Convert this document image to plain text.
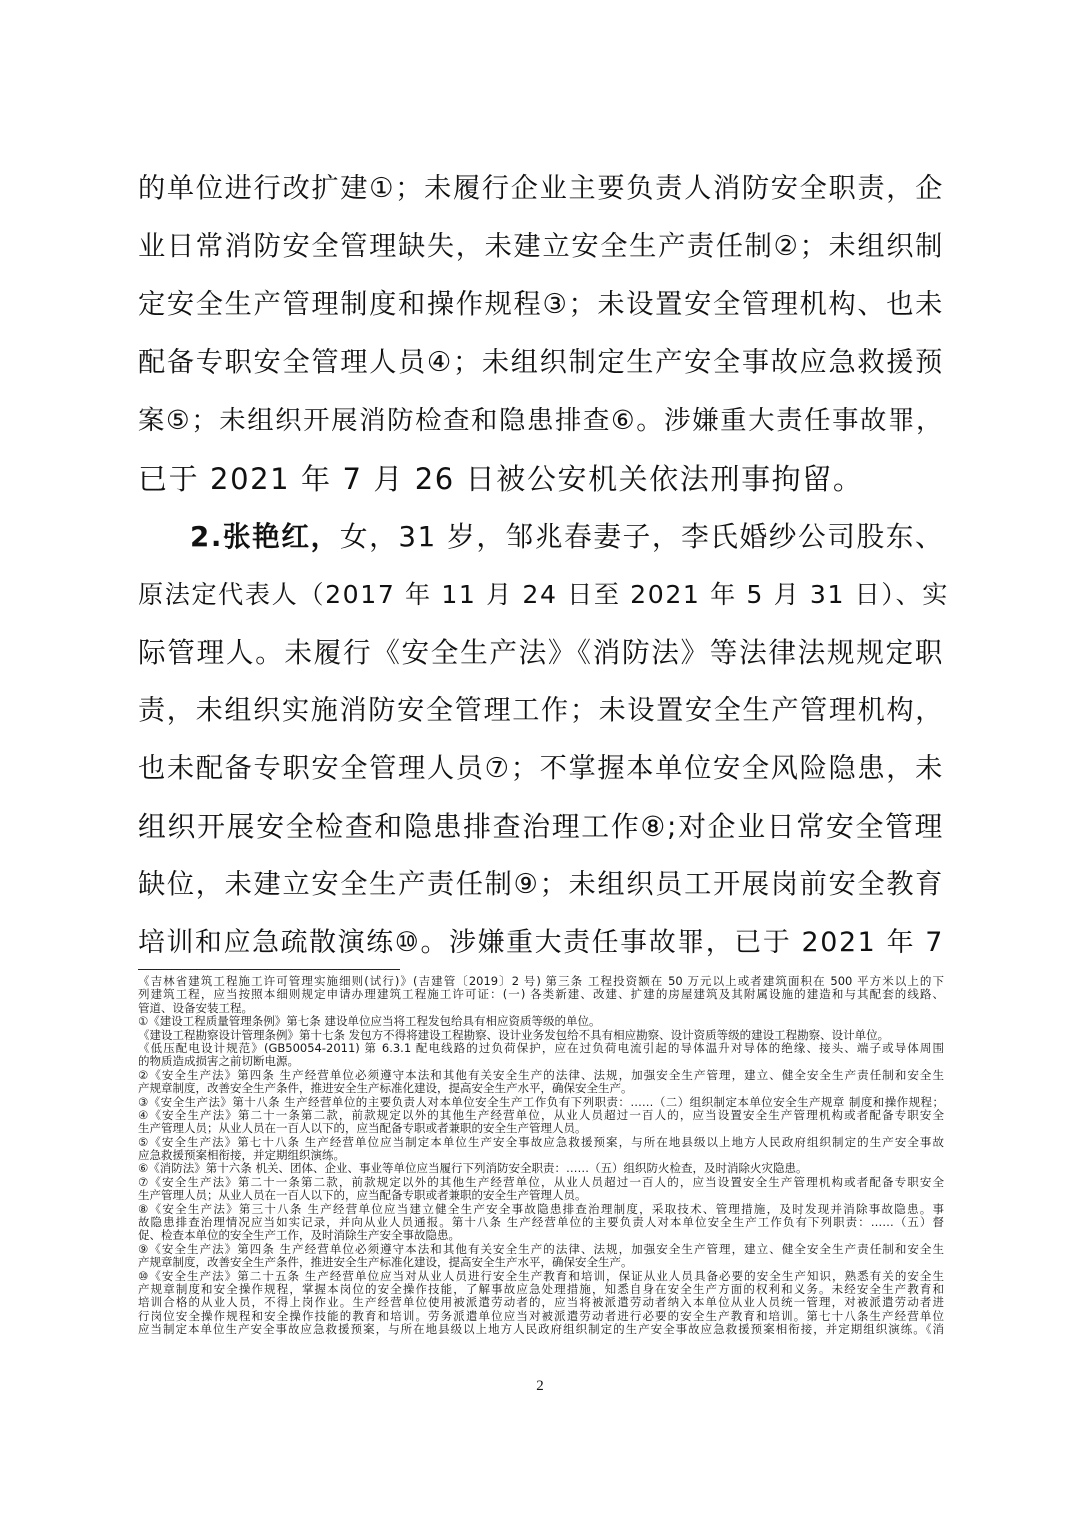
的单位进行改扩建①；未履行企业主要负责人消防安全职责，企
业日常消防安全管理缺失，未建立安全生产责任制②；未组织制
定安全生产管理制度和操作规程③；未设置安全管理机构、也未
配备专职安全管理人员④；未组织制定生产安全事故应急救援预
案⑤；未组织开展消防检查和隐患排查⑥。涉嫌重大责任事故罪，
已于 2021 年 7 月 26 日被公安机关依法刑事拘留。
2.张艳红，女，31 岁，邹兆春妻子，李氏婚纱公司股东、
原法定代表人（2017 年 11 月 24 日至 2021 年 5 月 31 日）、实
际管理人。未履行《安全生产法》《消防法》等法律法规规定职
责，未组织实施消防安全管理工作；未设置安全生产管理机构，
也未配备专职安全管理人员⑦；不掌握本单位安全风险隐患，未
组织开展安全检查和隐患排查治理工作⑧;对企业日常安全管理
缺位，未建立安全生产责任制⑨；未组织员工开展岗前安全教育
培训和应急疏散演练⑩。涉嫌重大责任事故罪，已于 2021 年 7
《吉林省建筑工程施工许可管理实施细则(试行)》(吉建管〔2019〕2 号) 第三条 工程投资额在 50 万元以上或者建筑面积在 500 平方米以上的下
列建筑工程，应当按照本细则规定申请办理建筑工程施工许可证：(一) 各类新建、改建、扩建的房屋建筑及其附属设施的建造和与其配套的线路、
管道、设备安装工程。
①《建设工程质量管理条例》第七条 建设单位应当将工程发包给具有相应资质等级的单位。
《建设工程勘察设计管理条例》第十七条 发包方不得将建设工程勘察、设计业务发包给不具有相应勘察、设计资质等级的建设工程勘察、设计单位。
《低压配电设计规范》(GB50054-2011) 第 6.3.1 配电线路的过负荷保护，应在过负荷电流引起的导体温升对导体的绝缘、接头、端子或导体周围
的物质造成损害之前切断电源。
②《安全生产法》第四条 生产经营单位必须遵守本法和其他有关安全生产的法律、法规，加强安全生产管理，建立、健全安全生产责任制和安全生
产规章制度，改善安全生产条件，推进安全生产标准化建设，提高安全生产水平，确保安全生产。
③《安全生产法》第十八条 生产经营单位的主要负责人对本单位安全生产工作负有下列职责：……（二）组织制定本单位安全生产规章 制度和操作规程；
④《安全生产法》第二十一条第二款，前款规定以外的其他生产经营单位，从业人员超过一百人的，应当设置安全生产管理机构或者配备专职安全
生产管理人员；从业人员在一百人以下的，应当配备专职或者兼职的安全生产管理人员。
⑤《安全生产法》第七十八条 生产经营单位应当制定本单位生产安全事故应急救援预案，与所在地县级以上地方人民政府组织制定的生产安全事故
应急救援预案相衔接，并定期组织演练。
⑥《消防法》第十六条 机关、团体、企业、事业等单位应当履行下列消防安全职责：……（五）组织防火检查，及时消除火灾隐患。
⑦《安全生产法》第二十一条第二款，前款规定以外的其他生产经营单位，从业人员超过一百人的，应当设置安全生产管理机构或者配备专职安全
生产管理人员；从业人员在一百人以下的，应当配备专职或者兼职的安全生产管理人员。
⑧《安全生产法》第三十八条 生产经营单位应当建立健全生产安全事故隐患排查治理制度，采取技术、管理措施，及时发现并消除事故隐患。事
故隐患排查治理情况应当如实记录，并向从业人员通报。第十八条 生产经营单位的主要负责人对本单位安全生产工作负有下列职责：……（五）督
促、检查本单位的安全生产工作，及时消除生产安全事故隐患。
⑨《安全生产法》第四条 生产经营单位必须遵守本法和其他有关安全生产的法律、法规，加强安全生产管理，建立、健全安全生产责任制和安全生
产规章制度，改善安全生产条件，推进安全生产标准化建设，提高安全生产水平，确保安全生产。
⑩《安全生产法》第二十五条 生产经营单位应当对从业人员进行安全生产教育和培训，保证从业人员具备必要的安全生产知识，熟悉有关的安全生
产规章制度和安全操作规程，掌握本岗位的安全操作技能，了解事故应急处理措施，知悉自身在安全生产方面的权利和义务。未经安全生产教育和
培训合格的从业人员，不得上岗作业。生产经营单位使用被派遣劳动者的，应当将被派遣劳动者纳入本单位从业人员统一管理，对被派遣劳动者进
行岗位安全操作规程和安全操作技能的教育和培训。劳务派遣单位应当对被派遣劳动者进行必要的安全生产教育和培训。第七十八条生产经营单位
应当制定本单位生产安全事故应急救援预案，与所在地县级以上地方人民政府组织制定的生产安全事故应急救援预案相衔接，并定期组织演练。《消
2
